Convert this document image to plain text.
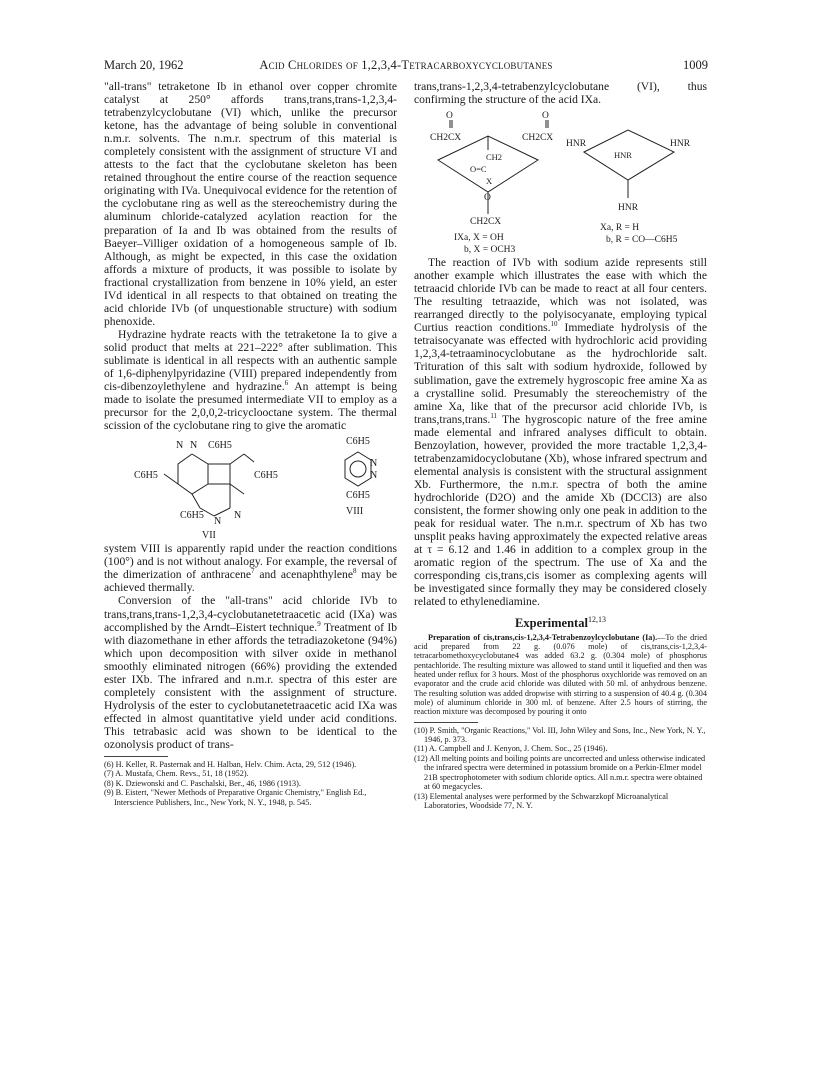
March 20, 1962	Acid Chlorides of 1,2,3,4-Tetracarboxycyclobutanes	1009

"all-trans" tetraketone Ib in ethanol over copper chromite catalyst at 250° affords trans,trans,trans-1,2,3,4-tetrabenzylcyclobutane (VI) which, unlike the precursor ketone, has the advantage of being soluble in conventional n.m.r. solvents. The n.m.r. spectrum of this material is completely consistent with the assignment of structure VI and attests to the fact that the cyclobutane skeleton has been retained throughout the entire course of the reaction sequence originating with IVa. Unequivocal evidence for the retention of the cyclobutane ring as well as the stereochemistry during the aluminum chloride-catalyzed acylation reaction for the preparation of Ia and Ib was obtained from the results of Baeyer–Villiger oxidation of a homogeneous sample of Ib. Although, as might be expected, in this case the oxidation affords a mixture of products, it was possible to isolate by fractional crystallization from benzene in 10% yield, an ester IVd identical in all respects to that obtained on treating the acid chloride IVb (of unquestionable structure) with sodium phenoxide.

Hydrazine hydrate reacts with the tetraketone Ia to give a solid product that melts at 221–222° after sublimation. This sublimate is identical in all respects with an authentic sample of 1,6-diphenylpyridazine (VIII) prepared independently from cis-dibenzoylethylene and hydrazine.$^6$ An attempt is being made to isolate the presumed intermediate VII to employ as a precursor for the 2,0,0,2-tricyclooctane system. The thermal scission of the cyclobutane ring to give the aromatic

N N C6H5
C6H5	C6H5
C6H5
N
N
VII
C6H5
N
N
C6H5
VIII

system VIII is apparently rapid under the reaction conditions (100°) and is not without analogy. For example, the reversal of the dimerization of anthracene$^7$ and acenaphthylene$^8$ may be achieved thermally.

Conversion of the "all-trans" acid chloride IVb to trans,trans,trans-1,2,3,4-cyclobutanetetraacetic acid (IXa) was accomplished by the Arndt–Eistert technique.$^9$ Treatment of Ib with diazomethane in ether affords the tetradiazoketone (94%) which upon decomposition with silver oxide in methanol smoothly eliminated nitrogen (66%) providing the extended ester IXb. The infrared and n.m.r. spectra of this ester are completely consistent with the assignment of structure. Hydrolysis of the ester to cyclobutanetetraacetic acid IXa was effected in almost quantitative yield under acid conditions. This tetrabasic acid was shown to be identical to the ozonolysis product of trans-

(6) H. Keller, R. Pasternak and H. Halban, Helv. Chim. Acta, 29, 512 (1946).

(7) A. Mustafa, Chem. Revs., 51, 18 (1952).

(8) K. Dziewonski and C. Paschalski, Ber., 46, 1986 (1913).

(9) B. Eistert, "Newer Methods of Preparative Organic Chemistry," English Ed., Interscience Publishers, Inc., New York, N. Y., 1948, p. 545.

trans,trans-1,2,3,4-tetrabenzylcyclobutane (VI), thus confirming the structure of the acid IXa.

O	O
CH2CX	CH2CX
CH2
O=C
X
O
CH2CX
IXa, X = OH
b, X = OCH3
HNR	HNR
HNR
HNR
Xa, R = H
b, R = CO—C6H5

The reaction of IVb with sodium azide represents still another example which illustrates the ease with which the tetraacid chloride IVb can be made to react at all four centers. The resulting tetraazide, which was not isolated, was rearranged directly to the polyisocyanate, employing typical Curtius reaction conditions.$^{10}$ Immediate hydrolysis of the tetraisocyanate was effected with hydrochloric acid providing 1,2,3,4-tetraaminocyclobutane as the hydrochloride salt. Trituration of this salt with sodium hydroxide, followed by sublimation, gave the extremely hygroscopic free amine Xa as a crystalline solid. Presumably the stereochemistry of the amine Xa, like that of the precursor acid chloride IVb, is trans,trans,trans.$^{11}$ The hygroscopic nature of the free amine made elemental and infrared analyses difficult to obtain. Benzoylation, however, provided the more tractable 1,2,3,4-tetrabenzamidocyclobutane (Xb), whose infrared spectrum and elemental analysis is consistent with the structural assignment Xb. Furthermore, the n.m.r. spectra of both the amine hydrochloride (D2O) and the amide Xb (DCCl3) are also consistent, the former showing only one peak in addition to the peak for residual water. The n.m.r. spectrum of Xb has two unsplit peaks having approximately the expected relative areas at τ = 6.12 and 1.46 in addition to a complex group in the aromatic region of the spectrum. The use of Xa and the corresponding cis,trans,cis isomer as complexing agents will be investigated since formally they may be considered closely related to ethylenediamine.

Experimental$^{12,13}$

Preparation of cis,trans,cis-1,2,3,4-Tetrabenzoylcyclobutane (Ia).—To the dried acid prepared from 22 g. (0.076 mole) of cis,trans,cis-1,2,3,4-tetracarbomethoxycyclobutane4 was added 63.2 g. (0.304 mole) of phosphorus pentachloride. The resulting mixture was allowed to stand until it liquefied and then was heated under reflux for 3 hours. Most of the phosphorus oxychloride was removed on an evaporator and the crude acid chloride was diluted with 50 ml. of anhydrous benzene. The resulting solution was added dropwise with stirring to a suspension of 40.4 g. (0.304 mole) of aluminum chloride in 300 ml. of benzene. After 2.5 hours of stirring, the reaction mixture was decomposed by pouring it onto

(10) P. Smith, "Organic Reactions," Vol. III, John Wiley and Sons, Inc., New York, N. Y., 1946, p. 373.

(11) A. Campbell and J. Kenyon, J. Chem. Soc., 25 (1946).

(12) All melting points and boiling points are uncorrected and unless otherwise indicated the infrared spectra were determined in potassium bromide on a Perkin-Elmer model 21B spectrophotometer with sodium chloride optics. All n.m.r. spectra were obtained at 60 megacycles.

(13) Elemental analyses were performed by the Schwarzkopf Microanalytical Laboratories, Woodside 77, N. Y.
